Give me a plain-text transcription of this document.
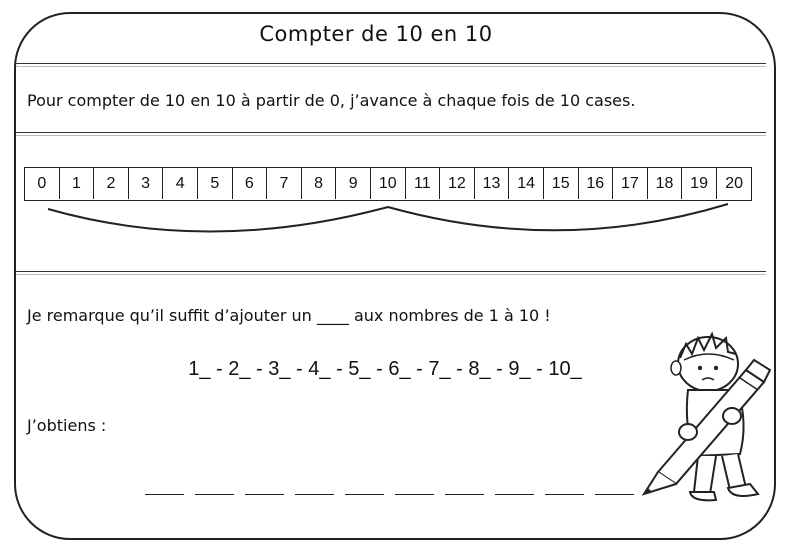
Compter de 10 en 10
Pour compter de 10 en 10 à partir de 0, j’avance à chaque fois de 10 cases.
0	1	2	3	4	5	6	7	8	9	10	11	12	13	14	15	16	17	18	19	20
Je remarque qu’il suffit d’ajouter un ____ aux nombres de 1 à 10 !
1_ - 2_ - 3_ - 4_ - 5_ - 6_ - 7_ - 8_ - 9_ - 10_
J’obtiens :
